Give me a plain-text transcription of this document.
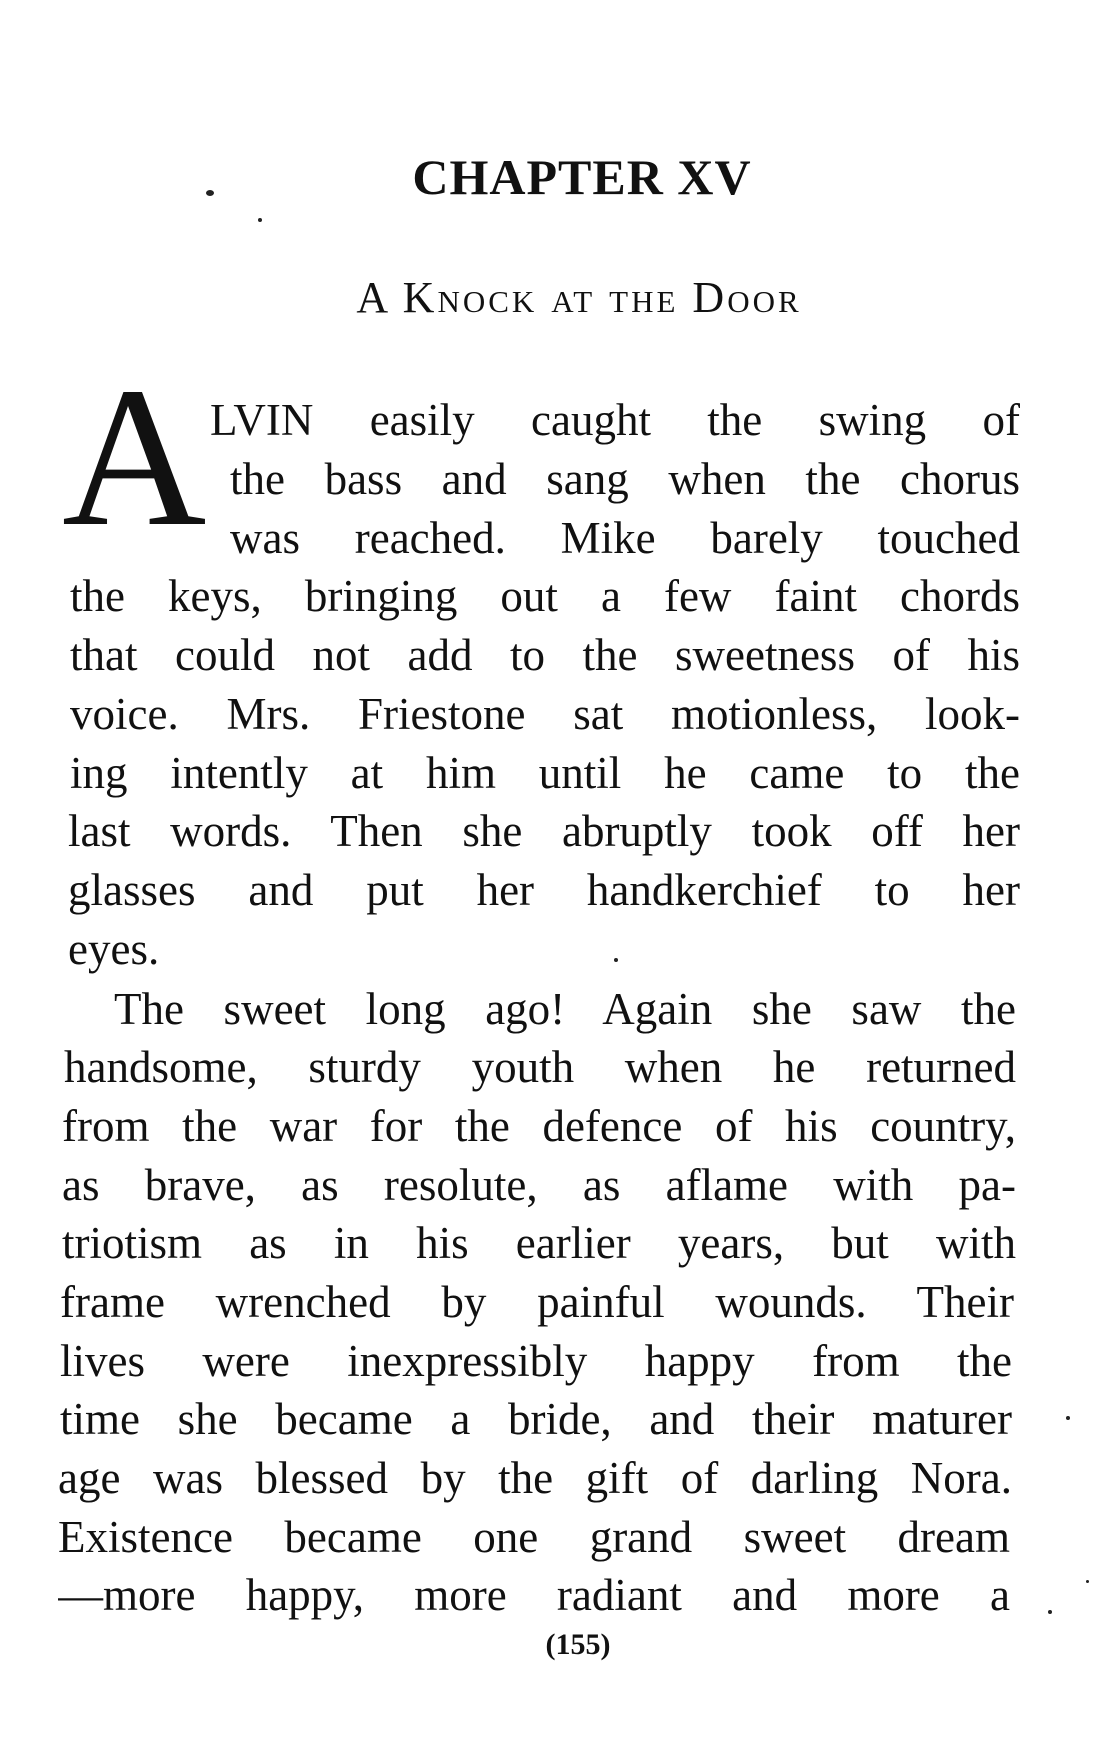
CHAPTER XV
A Knock at the Door
A LVIN easily caught the swing of
the bass and sang when the chorus
was reached. Mike barely touched
the keys, bringing out a few faint chords
that could not add to the sweetness of his
voice. Mrs. Friestone sat motionless, look-
ing intently at him until he came to the
last words. Then she abruptly took off her
glasses and put her handkerchief to her
eyes.
The sweet long ago! Again she saw the
handsome, sturdy youth when he returned
from the war for the defence of his country,
as brave, as resolute, as aflame with pa-
triotism as in his earlier years, but with
frame wrenched by painful wounds. Their
lives were inexpressibly happy from the
time she became a bride, and their maturer
age was blessed by the gift of darling Nora.
Existence became one grand sweet dream
—more happy, more radiant and more a
(155)
